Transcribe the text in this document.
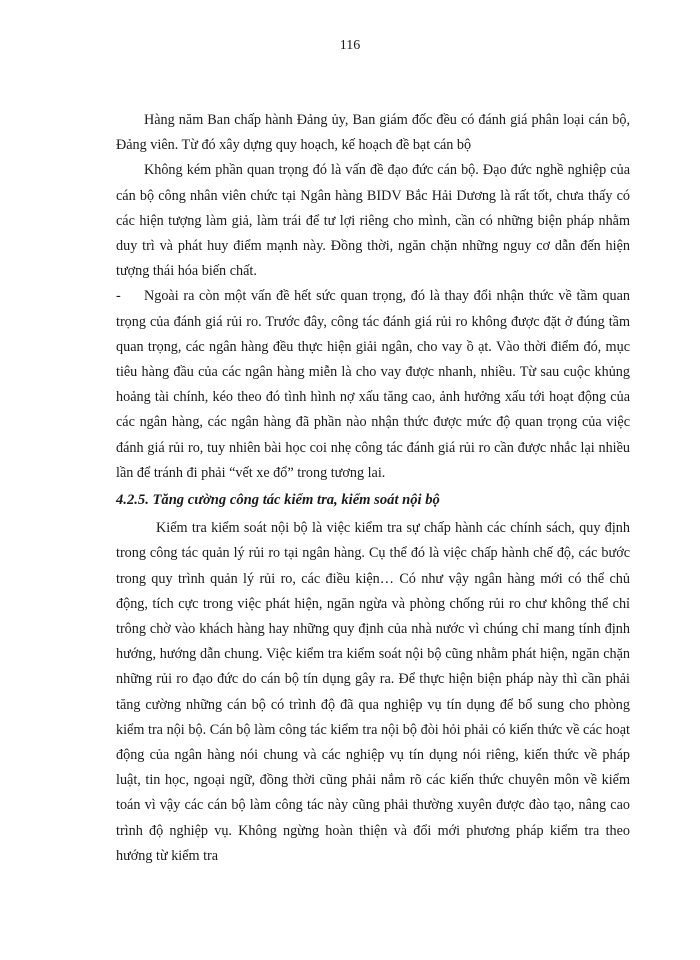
116

Hàng năm Ban chấp hành Đảng ủy, Ban giám đốc đều có đánh giá phân loại cán bộ, Đảng viên. Từ đó xây dựng quy hoạch, kế hoạch đề bạt cán bộ

Không kém phần quan trọng đó là vấn đề đạo đức cán bộ. Đạo đức nghề nghiệp của cán bộ công nhân viên chức tại Ngân hàng BIDV Bắc Hải Dương là rất tốt, chưa thấy có các hiện tượng làm giả, làm trái để tư lợi riêng cho mình, cần có những biện pháp nhằm duy trì và phát huy điểm mạnh này. Đồng thời, ngăn chặn những nguy cơ dẫn đến hiện tượng thái hóa biến chất.

- Ngoài ra còn một vấn đề hết sức quan trọng, đó là thay đổi nhận thức về tầm quan trọng của đánh giá rủi ro. Trước đây, công tác đánh giá rủi ro không được đặt ở đúng tầm quan trọng, các ngân hàng đều thực hiện giải ngân, cho vay ồ ạt. Vào thời điểm đó, mục tiêu hàng đầu của các ngân hàng miễn là cho vay được nhanh, nhiều. Từ sau cuộc khủng hoảng tài chính, kéo theo đó tình hình nợ xấu tăng cao, ảnh hưởng xấu tới hoạt động của các ngân hàng, các ngân hàng đã phần nào nhận thức được mức độ quan trọng của việc đánh giá rủi ro, tuy nhiên bài học coi nhẹ công tác đánh giá rủi ro cần được nhắc lại nhiều lần để tránh đi phải “vết xe đổ” trong tương lai.

4.2.5. Tăng cường công tác kiểm tra, kiểm soát nội bộ

Kiểm tra kiểm soát nội bộ là việc kiểm tra sự chấp hành các chính sách, quy định trong công tác quản lý rủi ro tại ngân hàng. Cụ thể đó là việc chấp hành chế độ, các bước trong quy trình quản lý rủi ro, các điều kiện… Có như vậy ngân hàng mới có thể chủ động, tích cực trong việc phát hiện, ngăn ngừa và phòng chống rủi ro chư không thể chỉ trông chờ vào khách hàng hay những quy định của nhà nước vì chúng chỉ mang tính định hướng, hướng dẫn chung. Việc kiểm tra kiểm soát nội bộ cũng nhằm phát hiện, ngăn chặn những rủi ro đạo đức do cán bộ tín dụng gây ra. Để thực hiện biện pháp này thì cần phải tăng cường những cán bộ có trình độ đã qua nghiệp vụ tín dụng để bổ sung cho phòng kiểm tra nội bộ. Cán bộ làm công tác kiểm tra nội bộ đòi hỏi phải có kiến thức về các hoạt động của ngân hàng nói chung và các nghiệp vụ tín dụng nói riêng, kiến thức về pháp luật, tin học, ngoại ngữ, đồng thời cũng phải nắm rõ các kiến thức chuyên môn về kiểm toán vì vậy các cán bộ làm công tác này cũng phải thường xuyên được đào tạo, nâng cao trình độ nghiệp vụ. Không ngừng hoàn thiện và đổi mới phương pháp kiểm tra theo hướng từ kiểm tra
